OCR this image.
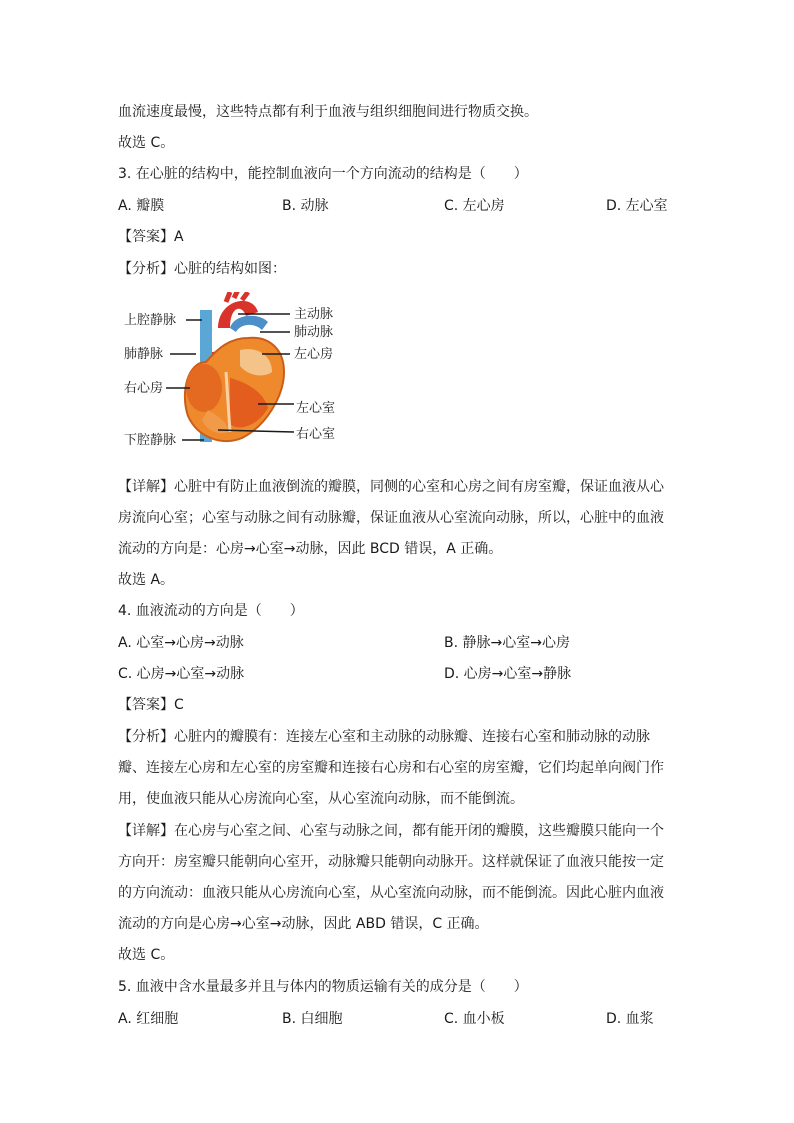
血流速度最慢，这些特点都有利于血液与组织细胞间进行物质交换。
故选 C。
3. 在心脏的结构中，能控制血液向一个方向流动的结构是（　　）
A. 瓣膜	B. 动脉	C. 左心房	D. 左心室
【答案】A
【分析】心脏的结构如图：
上腔静脉
肺静脉
右心房
下腔静脉
主动脉
肺动脉
左心房
左心室
右心室
【详解】心脏中有防止血液倒流的瓣膜，同侧的心室和心房之间有房室瓣，保证血液从心
房流向心室；心室与动脉之间有动脉瓣，保证血液从心室流向动脉，所以，心脏中的血液
流动的方向是：心房→心室→动脉，因此 BCD 错误，A 正确。
故选 A。
4. 血液流动的方向是（　　）
A. 心室→心房→动脉	B. 静脉→心室→心房
C. 心房→心室→动脉	D. 心房→心室→静脉
【答案】C
【分析】心脏内的瓣膜有：连接左心室和主动脉的动脉瓣、连接右心室和肺动脉的动脉
瓣、连接左心房和左心室的房室瓣和连接右心房和右心室的房室瓣，它们均起单向阀门作
用，使血液只能从心房流向心室，从心室流向动脉，而不能倒流。
【详解】在心房与心室之间、心室与动脉之间，都有能开闭的瓣膜，这些瓣膜只能向一个
方向开：房室瓣只能朝向心室开，动脉瓣只能朝向动脉开。这样就保证了血液只能按一定
的方向流动：血液只能从心房流向心室，从心室流向动脉，而不能倒流。因此心脏内血液
流动的方向是心房→心室→动脉，因此 ABD 错误，C 正确。
故选 C。
5. 血液中含水量最多并且与体内的物质运输有关的成分是（　　）
A. 红细胞	B. 白细胞	C. 血小板	D. 血浆
